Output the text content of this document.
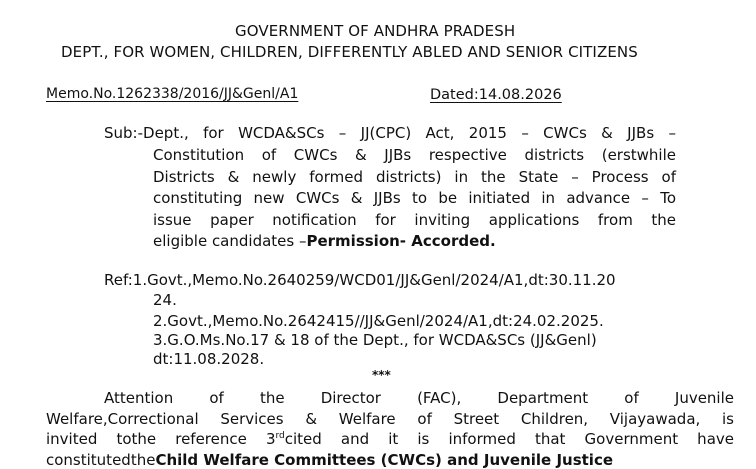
GOVERNMENT OF ANDHRA PRADESH
DEPT., FOR WOMEN, CHILDREN, DIFFERENTLY ABLED AND SENIOR CITIZENS
Memo.No.1262338/2016/JJ&Genl/A1	Dated:14.08.2026
Sub:-Dept., for WCDA&SCs – JJ(CPC) Act, 2015 – CWCs & JJBs –
Constitution of CWCs & JJBs respective districts (erstwhile
Districts & newly formed districts) in the State – Process of
constituting new CWCs & JJBs to be initiated in advance – To
issue paper notification for inviting applications from the
eligible candidates –Permission- Accorded.
Ref:1.Govt.,Memo.No.2640259/WCD01/JJ&Genl/2024/A1,dt:30.11.20
24.
2.Govt.,Memo.No.2642415//JJ&Genl/2024/A1,dt:24.02.2025.
3.G.O.Ms.No.17 & 18 of the Dept., for WCDA&SCs (JJ&Genl)
dt:11.08.2028.
***
Attention of the Director (FAC), Department of Juvenile
Welfare,Correctional Services & Welfare of Street Children, Vijayawada, is
invited tothe reference 3rdcited and it is informed that Government have
constitutedtheChild Welfare Committees (CWCs) and Juvenile Justice
